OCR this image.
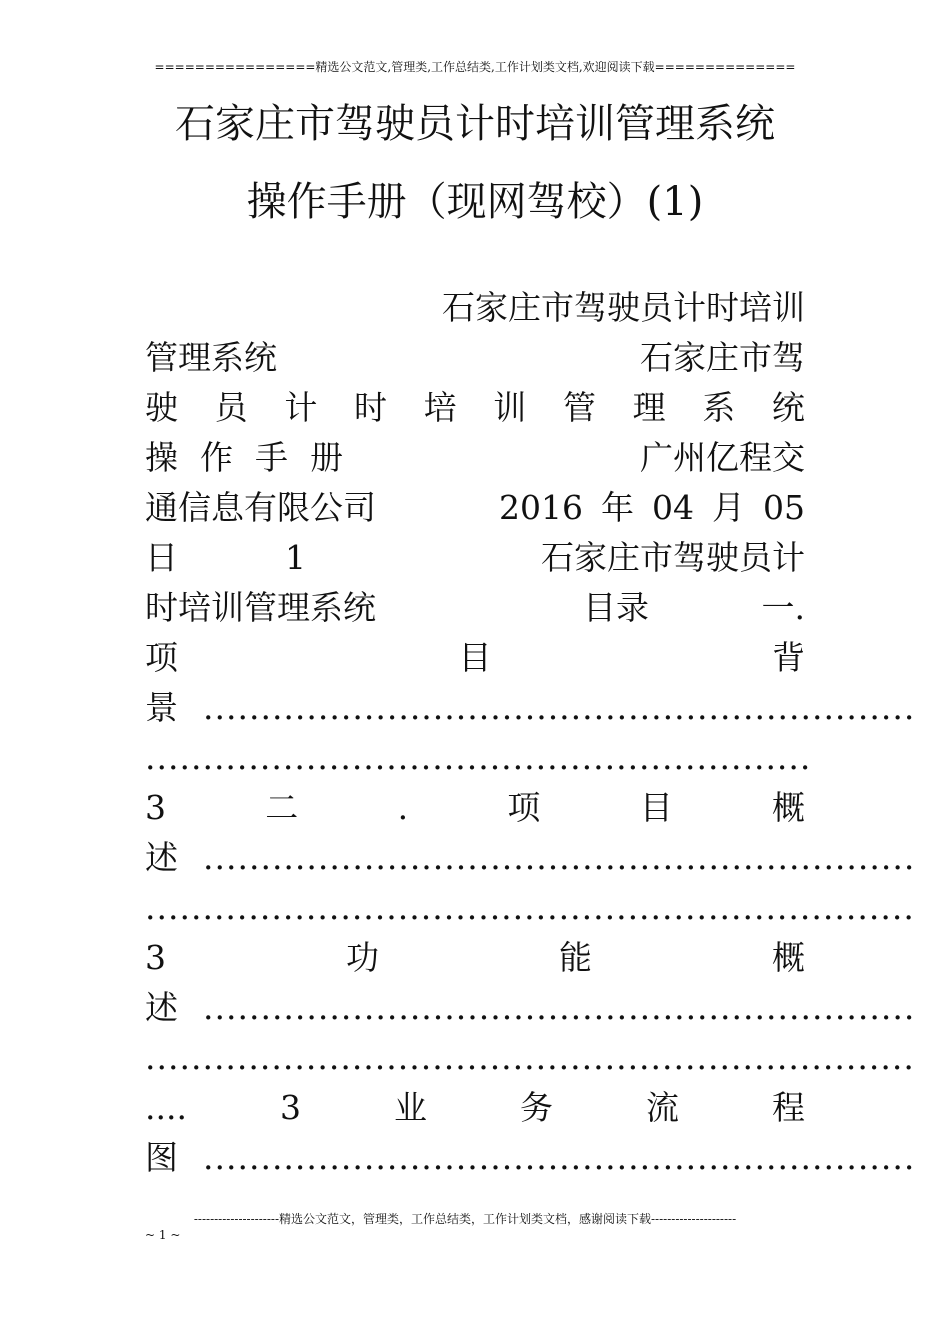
================精选公文范文,管理类,工作总结类,工作计划类文档,欢迎阅读下载==============
石家庄市驾驶员计时培训管理系统
操作手册（现网驾校）(1)
石家庄市驾驶员计时培训
管理系统	石家庄市驾
驶 员 计 时 培 训 管 理 系 统
操 作 手 册	广州亿程交
通信息有限公司	2016 年 04 月 05
日	1	石家庄市驾驶员计
时培训管理系统	目录	一.
项	目	背
景 ..............................................................
..........................................................
3	二	.	项	目	概
述 ..............................................................
...................................................................
3	功	能	概
述 ..............................................................
...................................................................
....	3	业	务	流	程
图 ..............................................................
---------------------精选公文范文，管理类，工作总结类，工作计划类文档，感谢阅读下载---------------------
~ 1 ~
